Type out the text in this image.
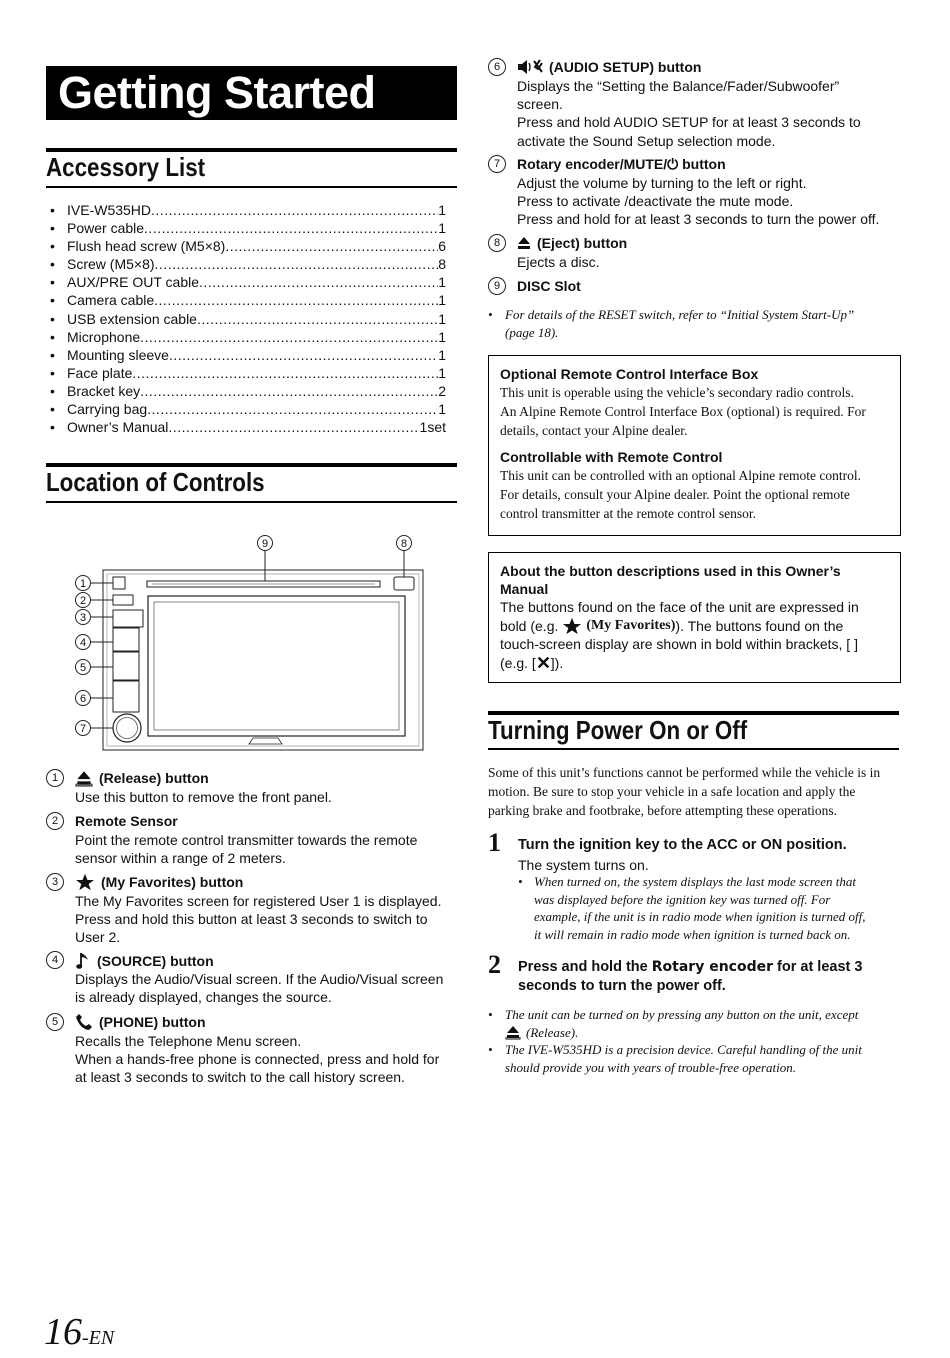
Getting Started
Accessory List
• IVE-W535HD .....	1
• Power cable .....	1
• Flush head screw (M5×8) .....	6
• Screw (M5×8) .....	8
• AUX/PRE OUT cable .....	1
• Camera cable .....	1
• USB extension cable .....	1
• Microphone .....	1
• Mounting sleeve .....	1
• Face plate .....	1
• Bracket key .....	2
• Carrying bag .....	1
• Owner’s Manual .....	1set
Location of Controls
9	8
1
2
3
4
5
6
7
1	(Release) button
Use this button to remove the front panel.
2	Remote Sensor
Point the remote control transmitter towards the remote
sensor within a range of 2 meters.
3	(My Favorites) button
The My Favorites screen for registered User 1 is displayed.
Press and hold this button at least 3 seconds to switch to
User 2.
4	(SOURCE) button
Displays the Audio/Visual screen. If the Audio/Visual screen
is already displayed, changes the source.
5	(PHONE) button
Recalls the Telephone Menu screen.
When a hands-free phone is connected, press and hold for
at least 3 seconds to switch to the call history screen.
6	(AUDIO SETUP) button
Displays the “Setting the Balance/Fader/Subwoofer”
screen.
Press and hold AUDIO SETUP for at least 3 seconds to
activate the Sound Setup selection mode.
7	Rotary encoder/MUTE/⏻ button
Adjust the volume by turning to the left or right.
Press to activate /deactivate the mute mode.
Press and hold for at least 3 seconds to turn the power off.
8	(Eject) button
Ejects a disc.
9	DISC Slot
• For details of the RESET switch, refer to “Initial System Start-Up”
(page 18).
Optional Remote Control Interface Box
This unit is operable using the vehicle’s secondary radio controls.
An Alpine Remote Control Interface Box (optional) is required. For
details, contact your Alpine dealer.
Controllable with Remote Control
This unit can be controlled with an optional Alpine remote control.
For details, consult your Alpine dealer. Point the optional remote
control transmitter at the remote control sensor.
About the button descriptions used in this Owner’s
Manual
The buttons found on the face of the unit are expressed in
bold (e.g. (My Favorites) ). The buttons found on the
touch-screen display are shown in bold within brackets, [ ]
(e.g. [ ]).
Turning Power On or Off
Some of this unit’s functions cannot be performed while the vehicle is in
motion. Be sure to stop your vehicle in a safe location and apply the
parking brake and footbrake, before attempting these operations.
1 Turn the ignition key to the ACC or ON position.
The system turns on.
• When turned on, the system displays the last mode screen that
was displayed before the ignition key was turned off. For
example, if the unit is in radio mode when ignition is turned off,
it will remain in radio mode when ignition is turned back on.
2 Press and hold the Rotary encoder for at least 3
seconds to turn the power off.
• The unit can be turned on by pressing any button on the unit, except
(Release).
• The IVE-W535HD is a precision device. Careful handling of the unit
should provide you with years of trouble-free operation.
16-EN
